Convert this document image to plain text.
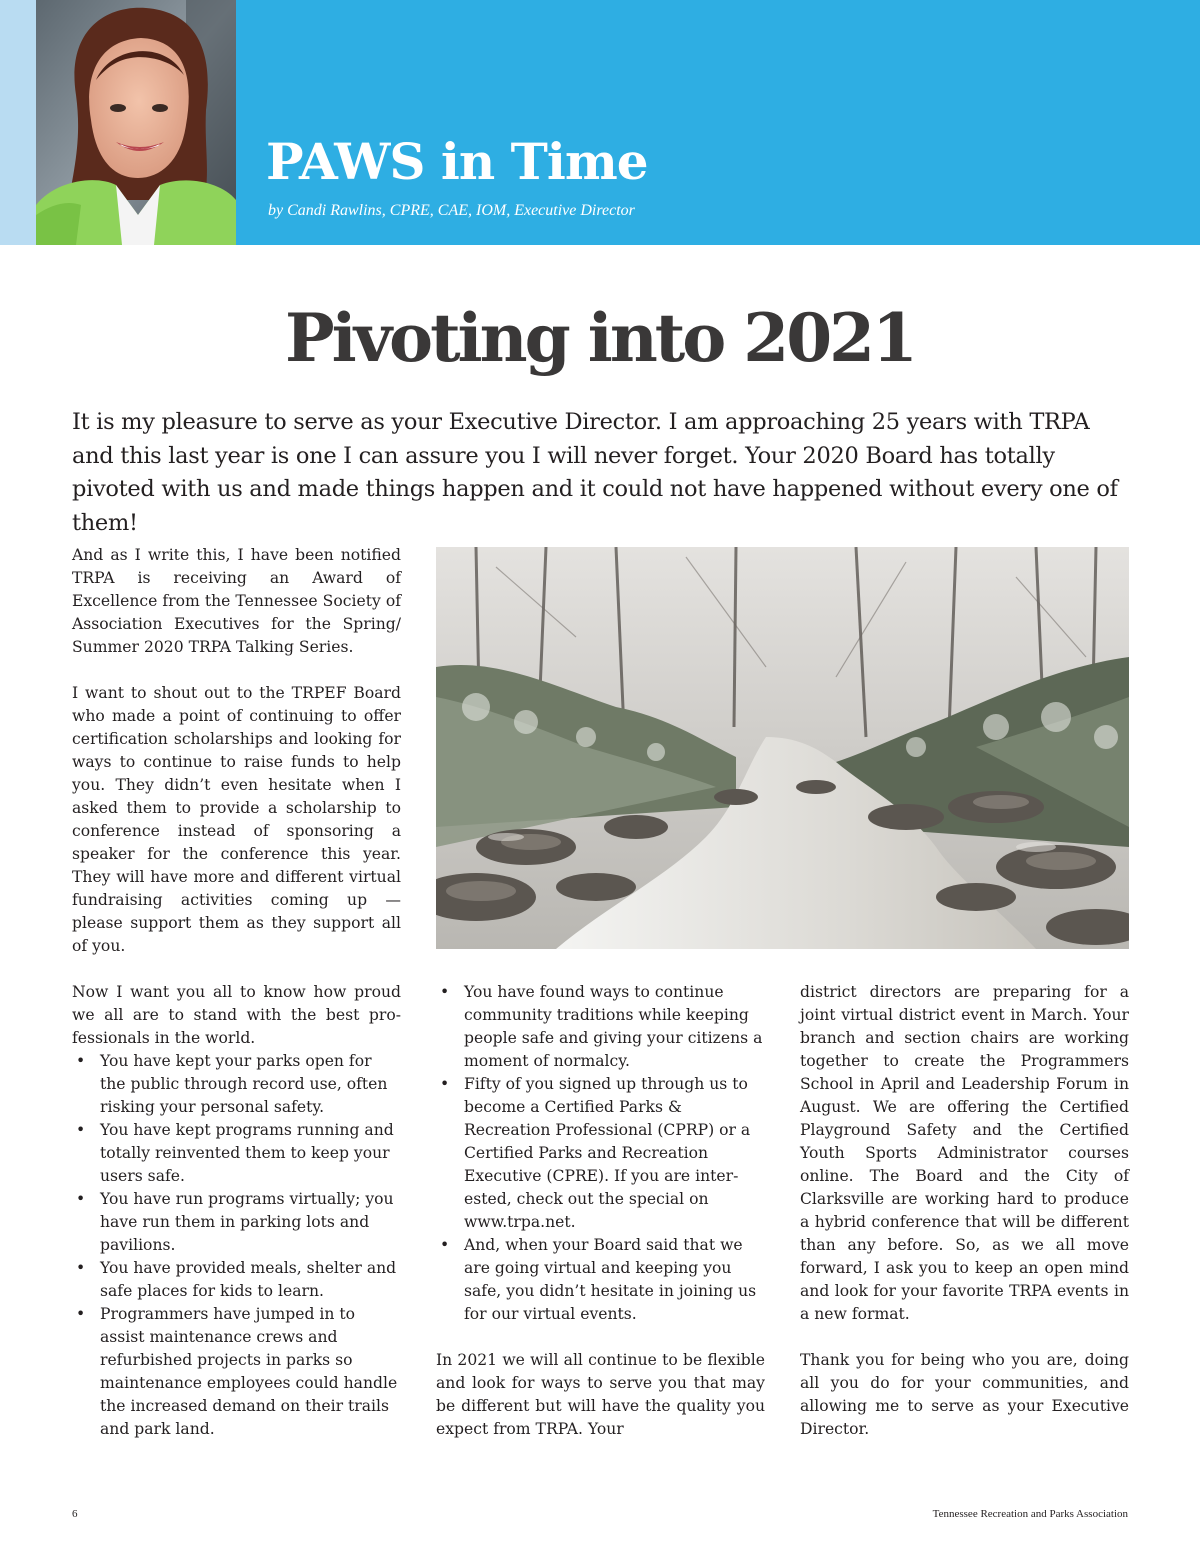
PAWS in Time
by Candi Rawlins, CPRE, CAE, IOM, Executive Director
Pivoting into 2021

It is my pleasure to serve as your Executive Director. I am approaching 25 years with TRPA and this last year is one I can assure you I will never forget. Your 2020 Board has totally pivoted with us and made things happen and it could not have happened without every one of them!

And as I write this, I have been notified TRPA is receiving an Award of Excellence from the Tennessee Society of Association Executives for the Spring/ Summer 2020 TRPA Talking Series.

I want to shout out to the TRPEF Board who made a point of continuing to offer certification scholarships and looking for ways to continue to raise funds to help you. They didn’t even hesitate when I asked them to provide a scholarship to conference instead of sponsoring a speaker for the conference this year. They will have more and different virtual fundraising activities coming up — please support them as they support all of you.

Now I want you all to know how proud we all are to stand with the best professionals in the world.

• You have kept your parks open for the public through record use, often risking your personal safety.
• You have kept programs running and totally reinvented them to keep your users safe.
• You have run programs virtually; you have run them in parking lots and pavilions.
• You have provided meals, shelter and safe places for kids to learn.
• Programmers have jumped in to assist maintenance crews and refurbished projects in parks so maintenance employees could handle the increased demand on their trails and park land.
• You have found ways to continue community traditions while keeping people safe and giving your citizens a moment of normalcy.
• Fifty of you signed up through us to become a Certified Parks & Recreation Professional (CPRP) or a Certified Parks and Recreation Executive (CPRE). If you are interested, check out the special on www.trpa.net.
• And, when your Board said that we are going virtual and keeping you safe, you didn’t hesitate in joining us for our virtual events.

In 2021 we will all continue to be flexible and look for ways to serve you that may be different but will have the quality you expect from TRPA. Your

district directors are preparing for a joint virtual district event in March. Your branch and section chairs are working together to create the Programmers School in April and Leadership Forum in August. We are offering the Certified Playground Safety and the Certified Youth Sports Administrator courses online. The Board and the City of Clarksville are working hard to produce a hybrid conference that will be different than any before. So, as we all move forward, I ask you to keep an open mind and look for your favorite TRPA events in a new format.

Thank you for being who you are, doing all you do for your communities, and allowing me to serve as your Executive Director.

6	Tennessee Recreation and Parks Association
